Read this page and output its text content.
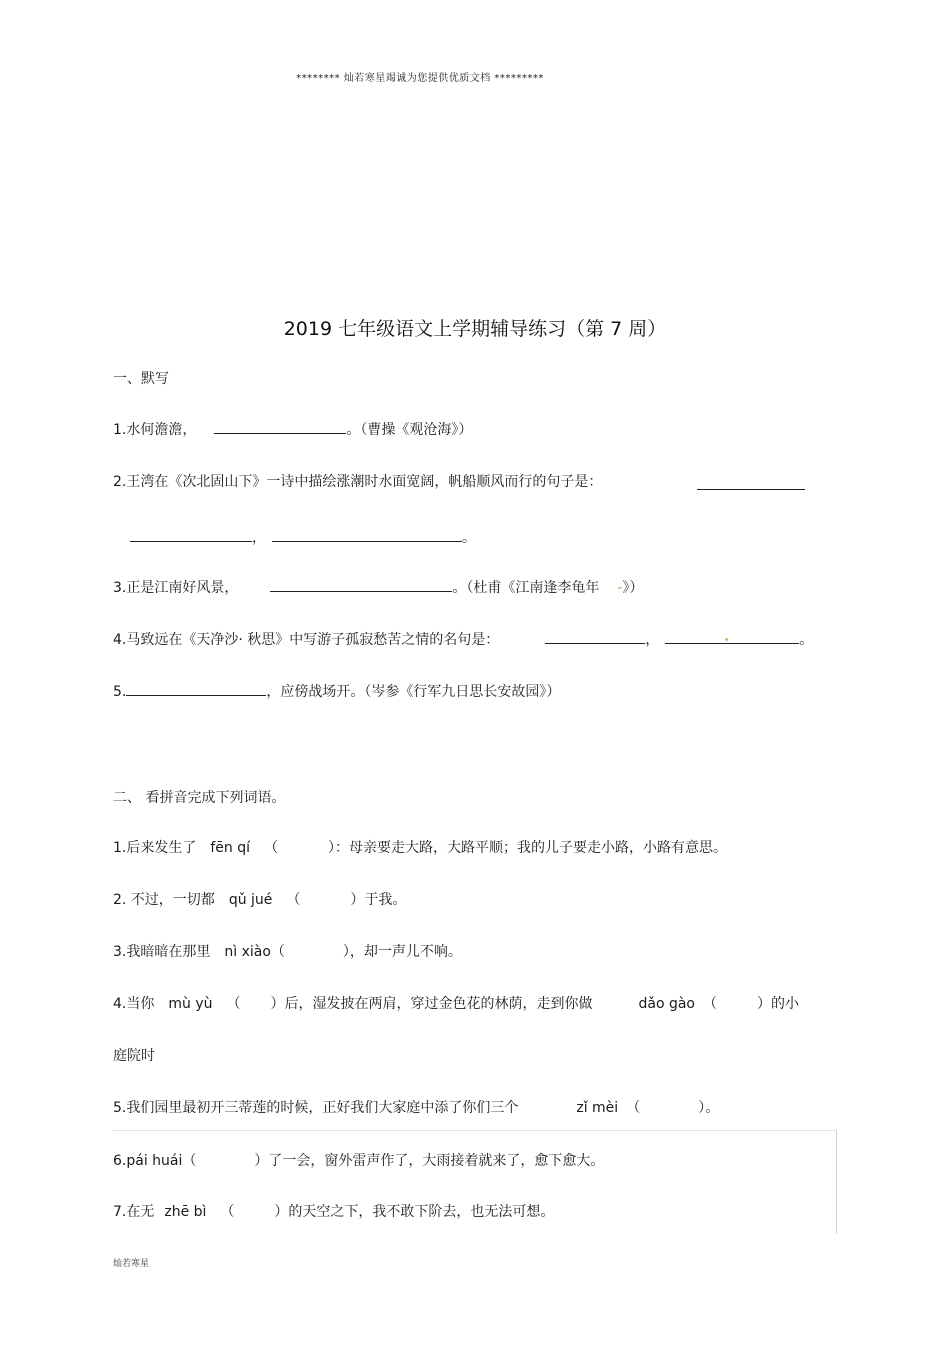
******** 灿若寒星竭诚为您提供优质文档 *********
2019 七年级语文上学期辅导练习（第 7 周）
一、默写
1.水何澹澹，	。（曹操《观沧海》）
2.王湾在《次北固山下》一诗中描绘涨潮时水面宽阔，帆船顺风而行的句子是：
，	。
3.正是江南好风景，	。（杜甫《江南逢李龟年 -》）
4.马致远在《天净沙· 秋思》中写游子孤寂愁苦之情的名句是：	，	。
5.	，应傍战场开。（岑参《行军九日思长安故园》）
二、 看拼音完成下列词语。
1.后来发生了 fēn qí （	）：母亲要走大路，大路平顺；我的儿子要走小路，小路有意思。
2. 不过，一切都 qǔ jué （	）于我。
3.我暗暗在那里 nì xiào（	），却一声儿不响。
4.当你 mù yù （ ）后，湿发披在两肩，穿过金色花的林荫，走到你做	dǎo gào （	）的小
庭院时
5.我们园里最初开三蒂莲的时候，正好我们大家庭中添了你们三个	zǐ mèi （	）。
6.pái huái（	）了一会，窗外雷声作了，大雨接着就来了，愈下愈大。
7.在无 zhē bì （	）的天空之下，我不敢下阶去，也无法可想。
灿若寒星
